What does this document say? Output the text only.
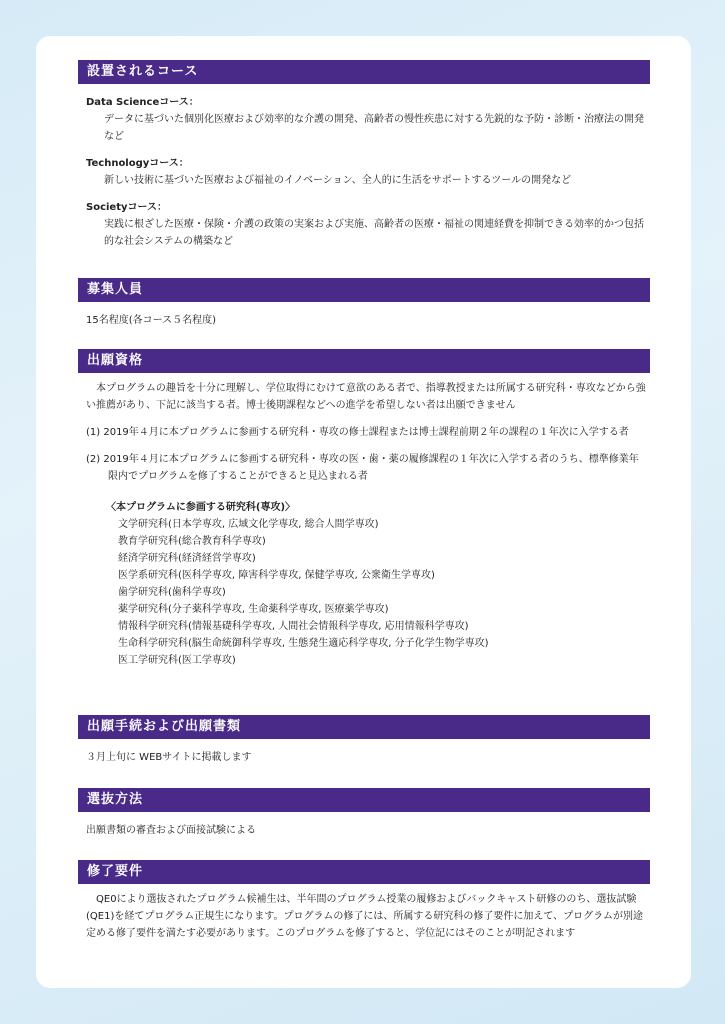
設置されるコース
Data Scienceコース：
データに基づいた個別化医療および効率的な介護の開発、高齢者の慢性疾患に対する先鋭的な予防・診断・治療法の開発など
Technologyコース：
新しい技術に基づいた医療および福祉のイノベーション、全人的に生活をサポートするツールの開発など
Societyコース：
実践に根ざした医療・保険・介護の政策の実案および実施、高齢者の医療・福祉の関連経費を抑制できる効率的かつ包括的な社会システムの構築など
募集人員
15名程度(各コース５名程度)
出願資格
本プログラムの趣旨を十分に理解し、学位取得にむけて意欲のある者で、指導教授または所属する研究科・専攻などから強い推薦があり、下記に該当する者。博士後期課程などへの進学を希望しない者は出願できません
(1) 2019年４月に本プログラムに参画する研究科・専攻の修士課程または博士課程前期２年の課程の１年次に入学する者
(2) 2019年４月に本プログラムに参画する研究科・専攻の医・歯・薬の履修課程の１年次に入学する者のうち、標準修業年限内でプログラムを修了することができると見込まれる者
〈本プログラムに参画する研究科(専攻)〉
文学研究科(日本学専攻, 広域文化学専攻, 総合人間学専攻)
教育学研究科(総合教育科学専攻)
経済学研究科(経済経営学専攻)
医学系研究科(医科学専攻, 障害科学専攻, 保健学専攻, 公衆衛生学専攻)
歯学研究科(歯科学専攻)
薬学研究科(分子薬科学専攻, 生命薬科学専攻, 医療薬学専攻)
情報科学研究科(情報基礎科学専攻, 人間社会情報科学専攻, 応用情報科学専攻)
生命科学研究科(脳生命統御科学専攻, 生態発生適応科学専攻, 分子化学生物学専攻)
医工学研究科(医工学専攻)
出願手続および出願書類
３月上旬に WEBサイトに掲載します
選抜方法
出願書類の審査および面接試験による
修了要件
QE0により選抜されたプログラム候補生は、半年間のプログラム授業の履修およびバックキャスト研修ののち、選抜試験(QE1)を経てプログラム正規生になります。プログラムの修了には、所属する研究科の修了要件に加えて、プログラムが別途定める修了要件を満たす必要があります。このプログラムを修了すると、学位記にはそのことが明記されます
